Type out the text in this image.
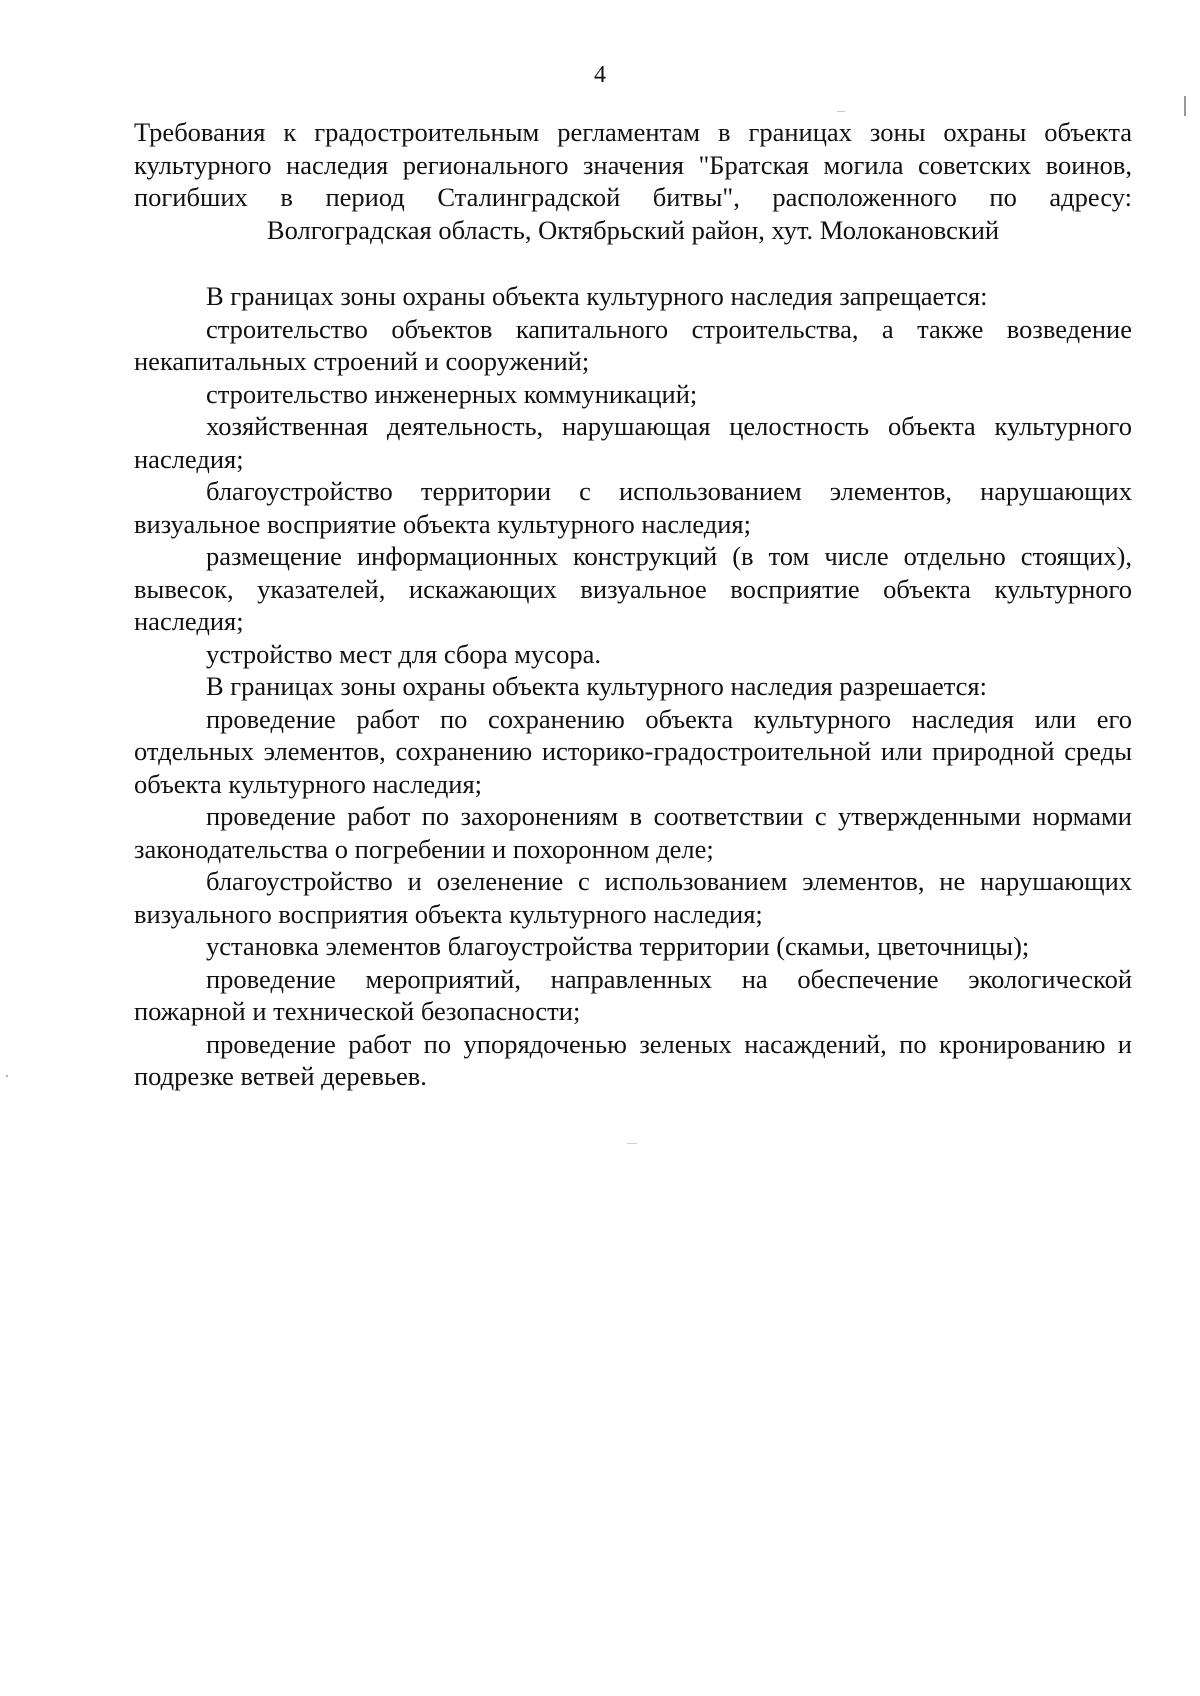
4
Требования к градостроительным регламентам в границах зоны охраны объекта культурного наследия регионального значения "Братская могила советских воинов, погибших в период Сталинградской битвы", расположенного по адресу:
Волгоградская область, Октябрьский район, хут. Молокановский

В границах зоны охраны объекта культурного наследия запрещается:

строительство объектов капитального строительства, а также возведение некапитальных строений и сооружений;

строительство инженерных коммуникаций;

хозяйственная деятельность, нарушающая целостность объекта культурного наследия;

благоустройство территории с использованием элементов, нарушающих визуальное восприятие объекта культурного наследия;

размещение информационных конструкций (в том числе отдельно стоящих), вывесок, указателей, искажающих визуальное восприятие объекта культурного наследия;

устройство мест для сбора мусора.

В границах зоны охраны объекта культурного наследия разрешается:

проведение работ по сохранению объекта культурного наследия или его отдельных элементов, сохранению историко-градостроительной или природной среды объекта культурного наследия;

проведение работ по захоронениям в соответствии с утвержденными нормами законодательства о погребении и похоронном деле;

благоустройство и озеленение с использованием элементов, не нарушающих визуального восприятия объекта культурного наследия;

установка элементов благоустройства территории (скамьи, цветочницы);

проведение мероприятий, направленных на обеспечение экологической пожарной и технической безопасности;

проведение работ по упорядоченью зеленых насаждений, по кронированию и подрезке ветвей деревьев.
